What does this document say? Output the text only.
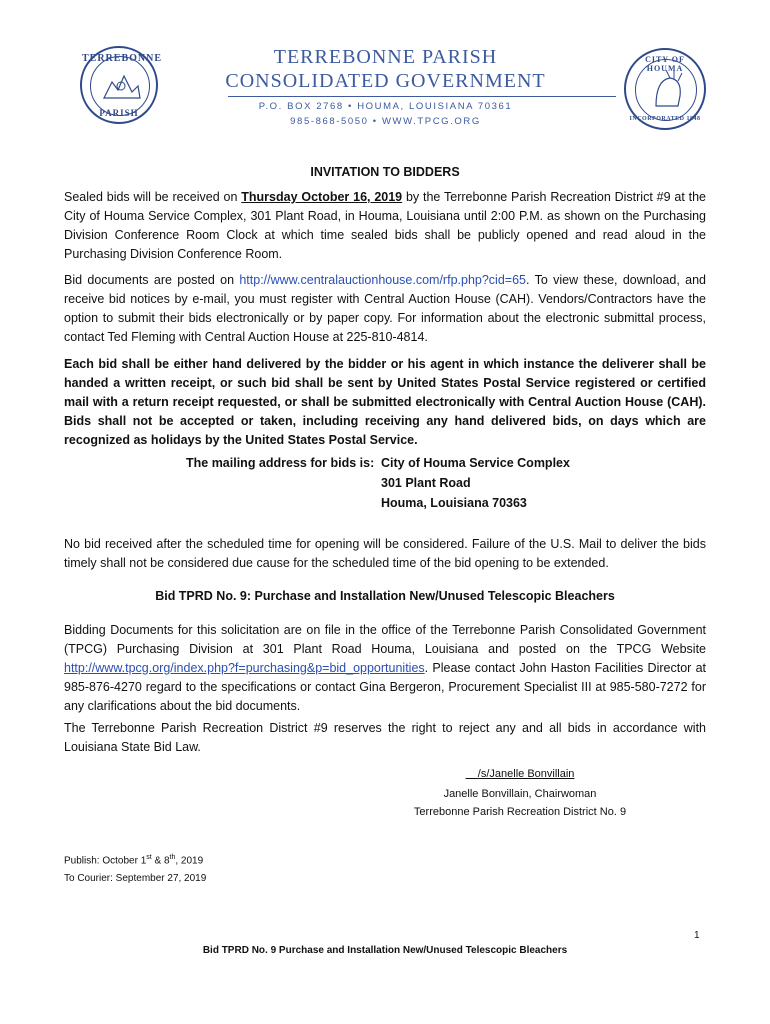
TERREBONNE
PARISH
TERREBONNE PARISH
CONSOLIDATED GOVERNMENT
P.O. BOX 2768 • HOUMA, LOUISIANA 70361
985-868-5050 • WWW.TPCG.ORG
CITY OF HOUMA
INCORPORATED 1848
INVITATION TO BIDDERS
Sealed bids will be received on Thursday October 16, 2019 by the Terrebonne Parish Recreation District #9 at the City of Houma Service Complex, 301 Plant Road, in Houma, Louisiana until 2:00 P.M. as shown on the Purchasing Division Conference Room Clock at which time sealed bids shall be publicly opened and read aloud in the Purchasing Division Conference Room.
Bid documents are posted on http://www.centralauctionhouse.com/rfp.php?cid=65. To view these, download, and receive bid notices by e-mail, you must register with Central Auction House (CAH). Vendors/Contractors have the option to submit their bids electronically or by paper copy. For information about the electronic submittal process, contact Ted Fleming with Central Auction House at 225-810-4814.
Each bid shall be either hand delivered by the bidder or his agent in which instance the deliverer shall be handed a written receipt, or such bid shall be sent by United States Postal Service registered or certified mail with a return receipt requested, or shall be submitted electronically with Central Auction House (CAH). Bids shall not be accepted or taken, including receiving any hand delivered bids, on days which are recognized as holidays by the United States Postal Service.
The mailing address for bids is: City of Houma Service Complex
301 Plant Road
Houma, Louisiana 70363
No bid received after the scheduled time for opening will be considered. Failure of the U.S. Mail to deliver the bids timely shall not be considered due cause for the scheduled time of the bid opening to be extended.
Bid TPRD No. 9: Purchase and Installation New/Unused Telescopic Bleachers
Bidding Documents for this solicitation are on file in the office of the Terrebonne Parish Consolidated Government (TPCG) Purchasing Division at 301 Plant Road Houma, Louisiana and posted on the TPCG Website http://www.tpcg.org/index.php?f=purchasing&p=bid_opportunities. Please contact John Haston Facilities Director at 985-876-4270 regard to the specifications or contact Gina Bergeron, Procurement Specialist III at 985-580-7272 for any clarifications about the bid documents.
The Terrebonne Parish Recreation District #9 reserves the right to reject any and all bids in accordance with Louisiana State Bid Law.
/s/Janelle Bonvillain
Janelle Bonvillain, Chairwoman
Terrebonne Parish Recreation District No. 9
Publish: October 1st & 8th, 2019
To Courier: September 27, 2019
1
Bid TPRD No. 9 Purchase and Installation New/Unused Telescopic Bleachers
